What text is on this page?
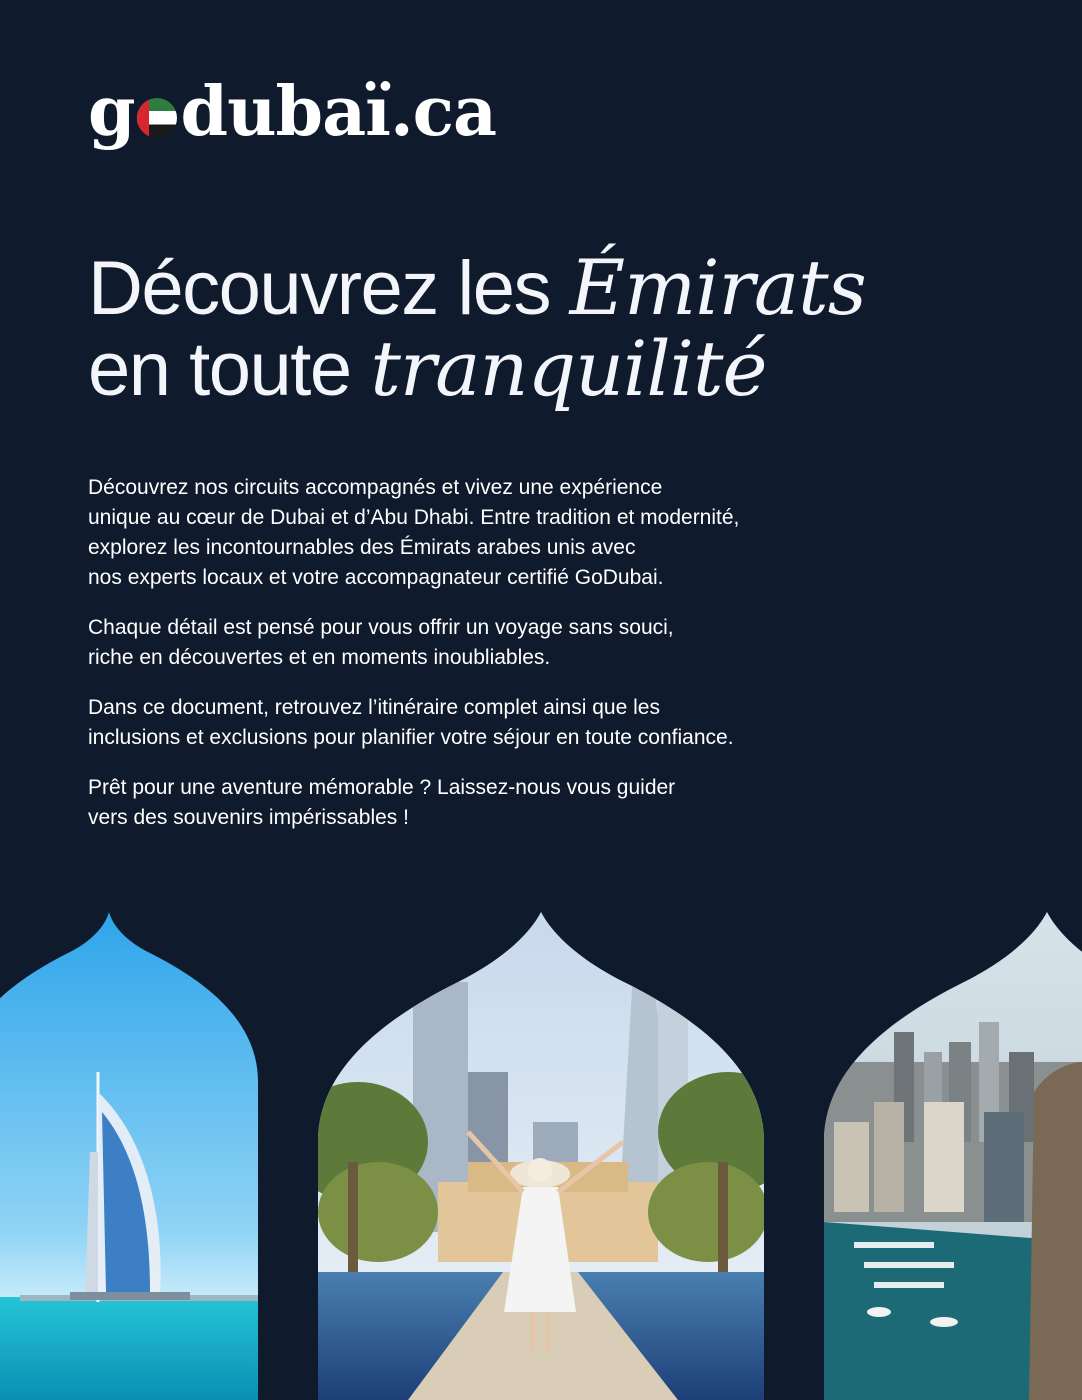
g dubaï.ca
Découvrez les Émirats
en toute tranquilité

Découvrez nos circuits accompagnés et vivez une expérience
unique au cœur de Dubai et d’Abu Dhabi. Entre tradition et modernité,
explorez les incontournables des Émirats arabes unis avec
nos experts locaux et votre accompagnateur certifié GoDubai.

Chaque détail est pensé pour vous offrir un voyage sans souci,
riche en découvertes et en moments inoubliables.

Dans ce document, retrouvez l’itinéraire complet ainsi que les
inclusions et exclusions pour planifier votre séjour en toute confiance.

Prêt pour une aventure mémorable ? Laissez-nous vous guider
vers des souvenirs impérissables !
